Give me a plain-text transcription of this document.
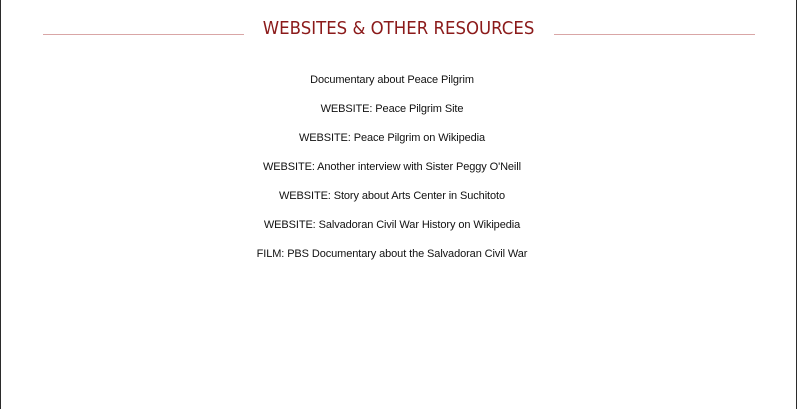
WEBSITES & OTHER RESOURCES
Documentary about Peace Pilgrim
WEBSITE: Peace Pilgrim Site
WEBSITE: Peace Pilgrim on Wikipedia
WEBSITE: Another interview with Sister Peggy O'Neill
WEBSITE: Story about Arts Center in Suchitoto
WEBSITE: Salvadoran Civil War History on Wikipedia
FILM: PBS Documentary about the Salvadoran Civil War
